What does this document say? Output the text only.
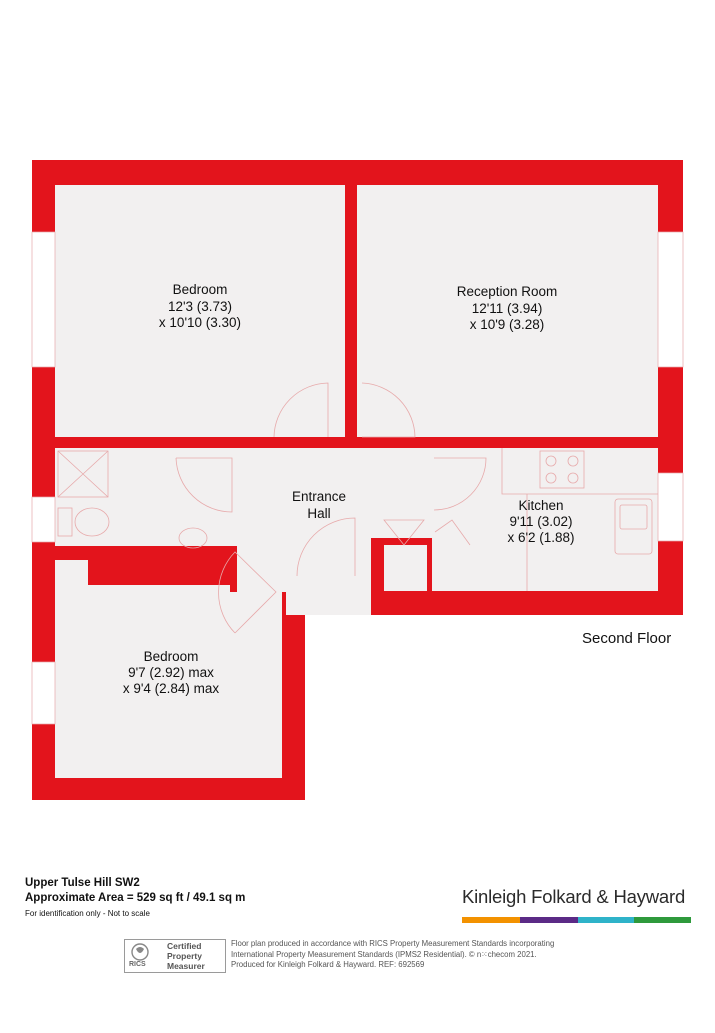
Bedroom
12'3 (3.73)
x 10'10 (3.30)
Reception Room
12'11 (3.94)
x 10'9 (3.28)
Entrance
Hall
Kitchen
9'11 (3.02)
x 6'2 (1.88)
Bedroom
9'7 (2.92) max
x 9'4 (2.84) max
Second Floor
Upper Tulse Hill SW2
Approximate Area = 529 sq ft / 49.1 sq m
For identification only - Not to scale
Kinleigh Folkard & Hayward
RICS
Certified
Property
Measurer
Floor plan produced in accordance with RICS Property Measurement Standards incorporating
International Property Measurement Standards (IPMS2 Residential). © n⁙checom 2021.
Produced for Kinleigh Folkard & Hayward. REF: 692569
